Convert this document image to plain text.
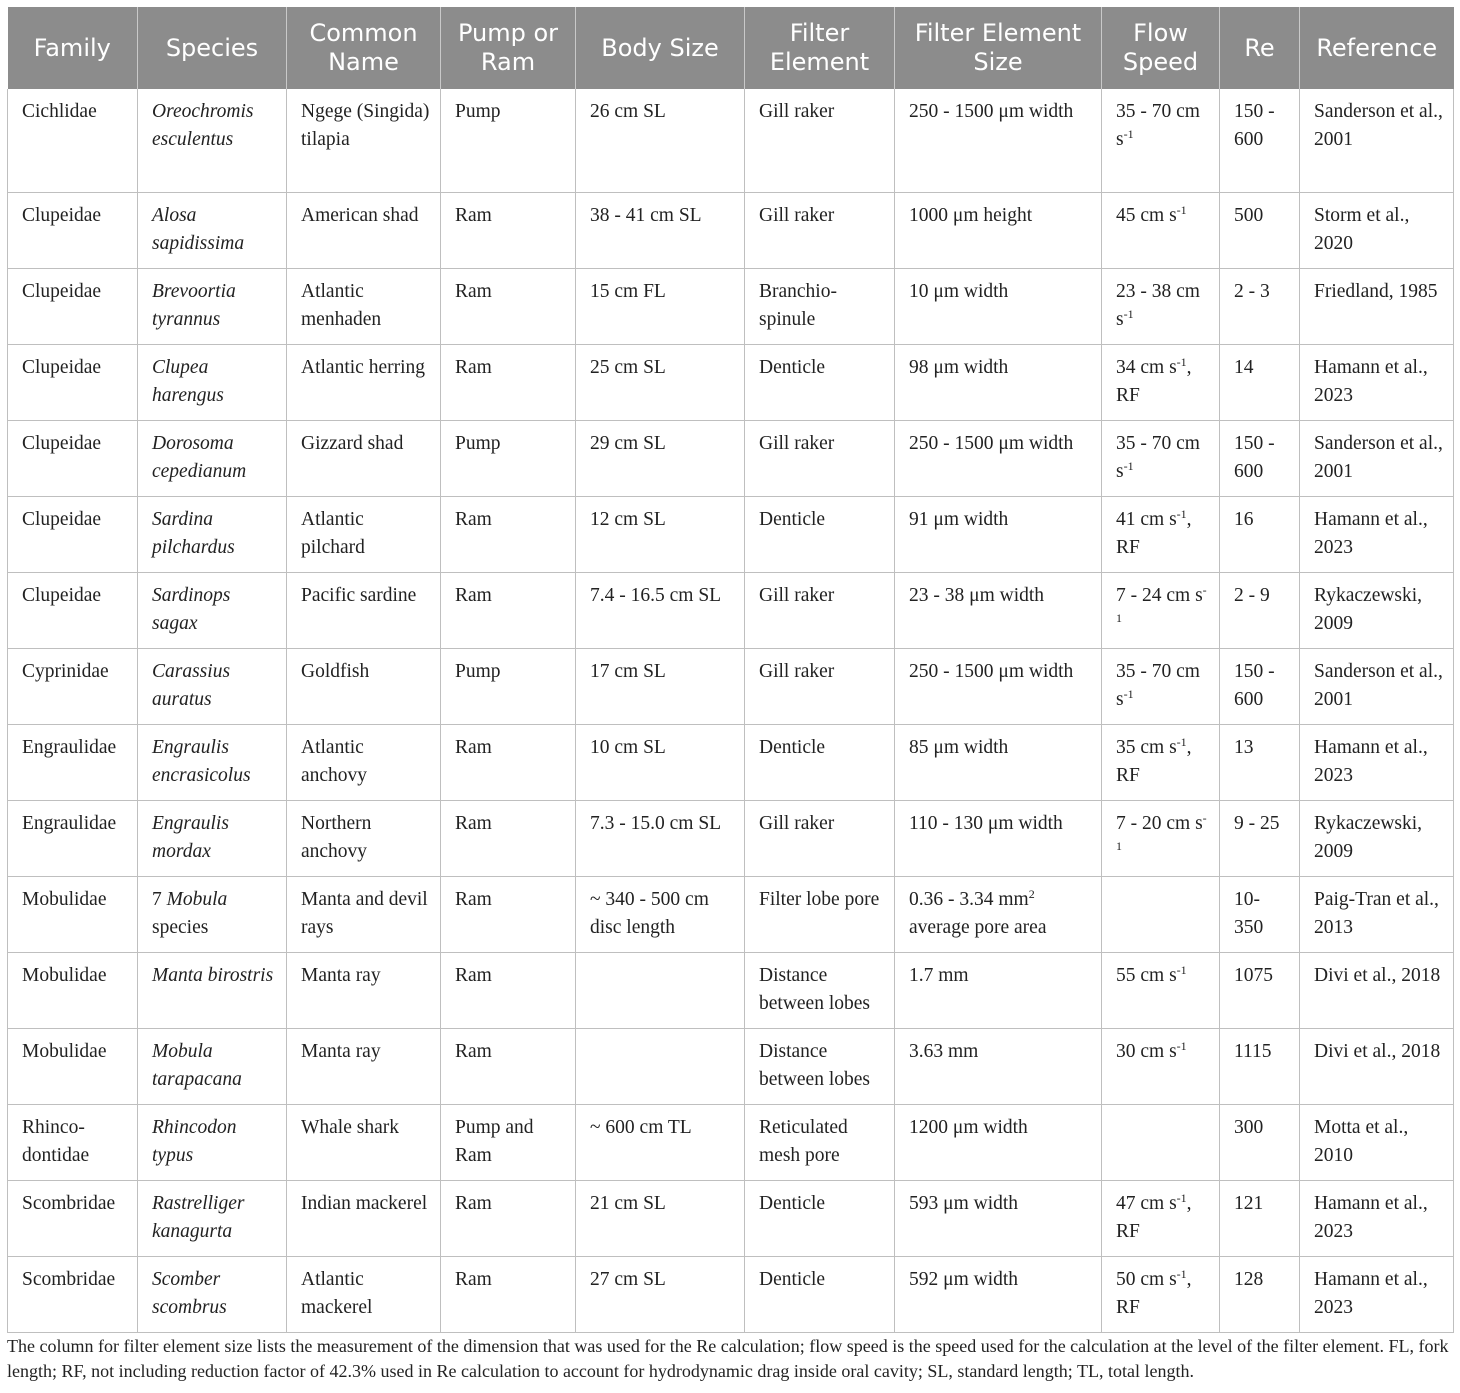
Family	Species	Common Name	Pump or Ram	Body Size	Filter Element	Filter Element Size	Flow Speed	Re	Reference
Cichlidae	Oreochromis esculentus	Ngege (Singida) tilapia	Pump	26 cm SL	Gill raker	250 - 1500 μm width	35 - 70 cm $s^{-1}$	150 - 600	Sanderson et al., 2001
Clupeidae	Alosa sapidissima	American shad	Ram	38 - 41 cm SL	Gill raker	1000 μm height	45 cm $s^{-1}$	500	Storm et al., 2020
Clupeidae	Brevoortia tyrannus	Atlantic menhaden	Ram	15 cm FL	Branchio-spinule	10 μm width	23 - 38 cm $s^{-1}$	2 - 3	Friedland, 1985
Clupeidae	Clupea harengus	Atlantic herring	Ram	25 cm SL	Denticle	98 μm width	34 cm $s^{-1}$, RF	14	Hamann et al., 2023
Clupeidae	Dorosoma cepedianum	Gizzard shad	Pump	29 cm SL	Gill raker	250 - 1500 μm width	35 - 70 cm $s^{-1}$	150 - 600	Sanderson et al., 2001
Clupeidae	Sardina pilchardus	Atlantic pilchard	Ram	12 cm SL	Denticle	91 μm width	41 cm $s^{-1}$, RF	16	Hamann et al., 2023
Clupeidae	Sardinops sagax	Pacific sardine	Ram	7.4 - 16.5 cm SL	Gill raker	23 - 38 μm width	7 - 24 cm $s^{-1}$	2 - 9	Rykaczewski, 2009
Cyprinidae	Carassius auratus	Goldfish	Pump	17 cm SL	Gill raker	250 - 1500 μm width	35 - 70 cm $s^{-1}$	150 - 600	Sanderson et al., 2001
Engraulidae	Engraulis encrasicolus	Atlantic anchovy	Ram	10 cm SL	Denticle	85 μm width	35 cm $s^{-1}$, RF	13	Hamann et al., 2023
Engraulidae	Engraulis mordax	Northern anchovy	Ram	7.3 - 15.0 cm SL	Gill raker	110 - 130 μm width	7 - 20 cm $s^{-1}$	9 - 25	Rykaczewski, 2009
Mobulidae	7 Mobula species	Manta and devil rays	Ram	~ 340 - 500 cm disc length	Filter lobe pore	0.36 - 3.34 $mm^2$ average pore area		10-350	Paig-Tran et al., 2013
Mobulidae	Manta birostris	Manta ray	Ram		Distance between lobes	1.7 mm	55 cm $s^{-1}$	1075	Divi et al., 2018
Mobulidae	Mobula tarapacana	Manta ray	Ram		Distance between lobes	3.63 mm	30 cm $s^{-1}$	1115	Divi et al., 2018
Rhinco-dontidae	Rhincodon typus	Whale shark	Pump and Ram	~ 600 cm TL	Reticulated mesh pore	1200 μm width		300	Motta et al., 2010
Scombridae	Rastrelliger kanagurta	Indian mackerel	Ram	21 cm SL	Denticle	593 μm width	47 cm $s^{-1}$, RF	121	Hamann et al., 2023
Scombridae	Scomber scombrus	Atlantic mackerel	Ram	27 cm SL	Denticle	592 μm width	50 cm $s^{-1}$, RF	128	Hamann et al., 2023
The column for filter element size lists the measurement of the dimension that was used for the Re calculation; flow speed is the speed used for the calculation at the level of the filter element. FL, fork length; RF, not including reduction factor of 42.3% used in Re calculation to account for hydrodynamic drag inside oral cavity; SL, standard length; TL, total length.
